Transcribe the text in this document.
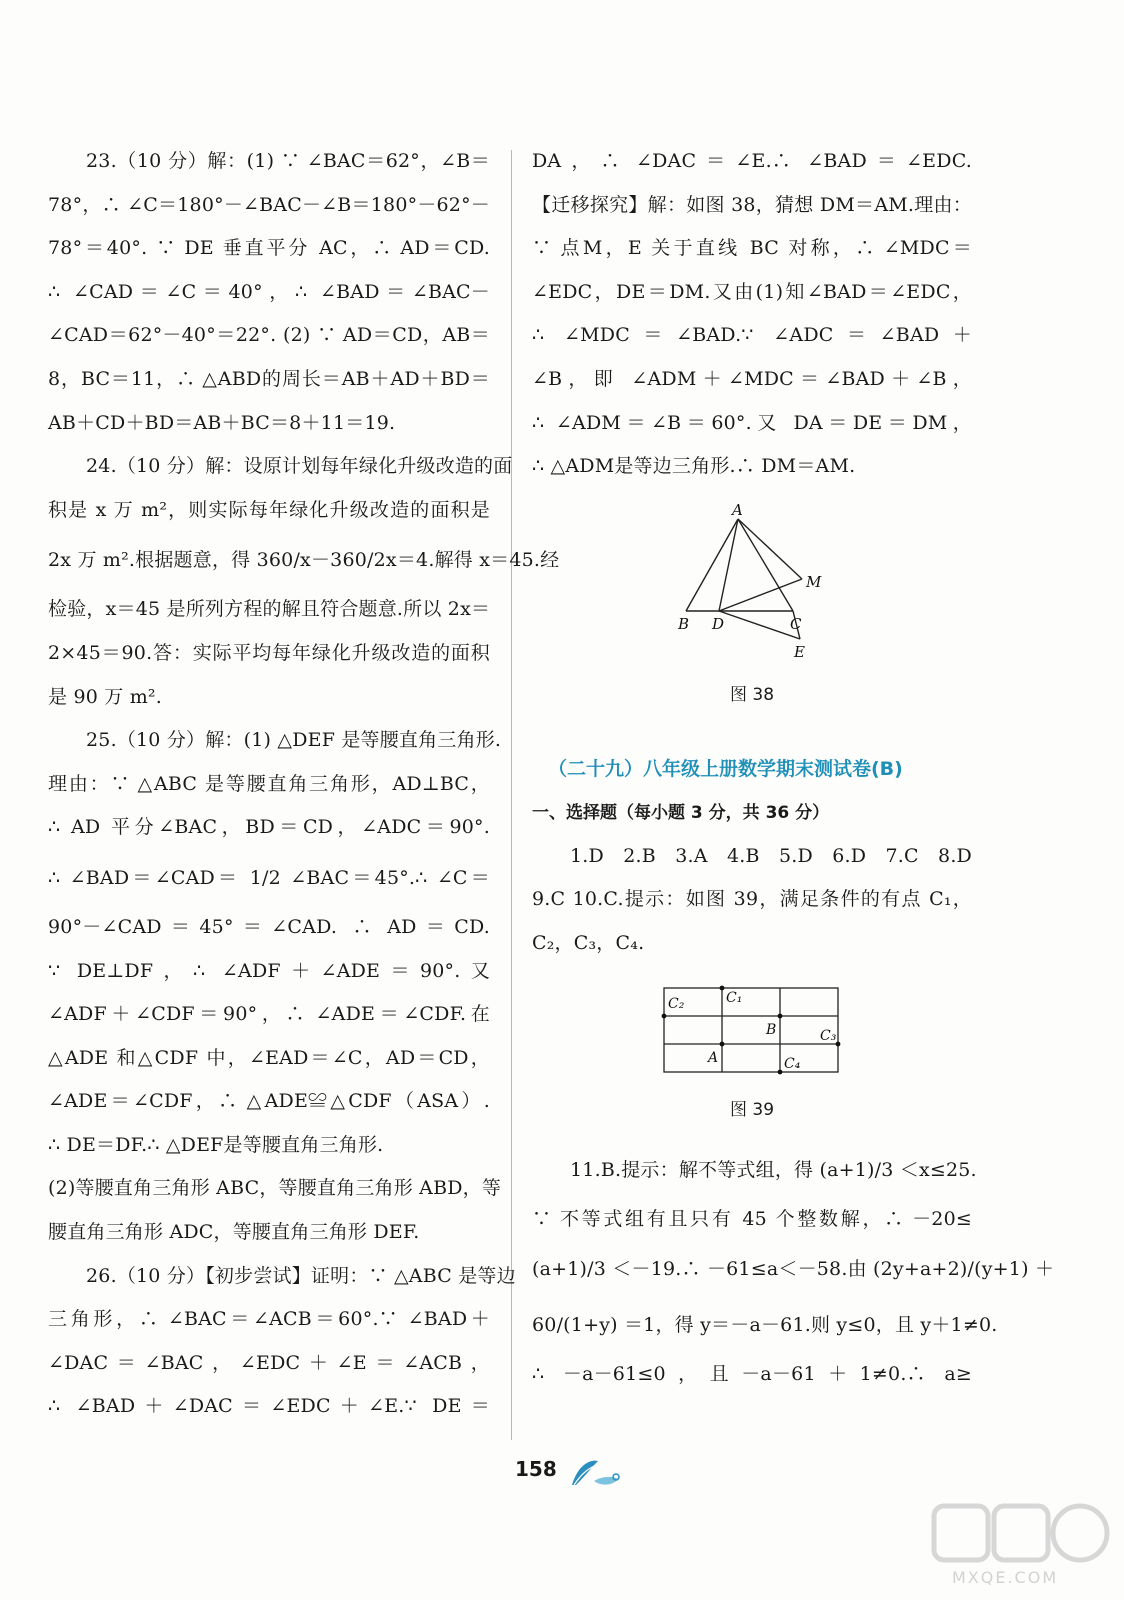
23.（10 分）解：(1) ∵ ∠BAC＝62°，∠B＝
78°，∴ ∠C＝180°－∠BAC－∠B＝180°－62°－
78°＝40°. ∵ DE 垂直平分 AC，∴ AD＝CD.
∴ ∠CAD＝∠C＝40°，∴ ∠BAD＝∠BAC－
∠CAD＝62°－40°＝22°. (2) ∵ AD＝CD，AB＝
8，BC＝11，∴ △ABD的周长＝AB＋AD＋BD＝
AB＋CD＋BD＝AB＋BC＝8＋11＝19.
24.（10 分）解：设原计划每年绿化升级改造的面
积是 x 万 m²，则实际每年绿化升级改造的面积是
2x 万 m².根据题意，得 360/x－360/2x＝4.解得 x＝45.经
检验，x＝45 是所列方程的解且符合题意.所以 2x＝
2×45＝90.答：实际平均每年绿化升级改造的面积
是 90 万 m².
25.（10 分）解：(1) △DEF 是等腰直角三角形.
理由：∵ △ABC 是等腰直角三角形，AD⊥BC，
∴ AD 平分∠BAC，BD＝CD，∠ADC＝90°.
∴ ∠BAD＝∠CAD＝ 1/2 ∠BAC＝45°.∴ ∠C＝
90°－∠CAD＝45°＝∠CAD. ∴ AD＝CD.
∵ DE⊥DF，∴ ∠ADF＋∠ADE＝90°.又
∠ADF＋∠CDF＝90°，∴ ∠ADE＝∠CDF.在
△ADE 和△CDF 中，∠EAD＝∠C，AD＝CD，
∠ADE＝∠CDF，∴ △ADE≌△CDF（ASA）.
∴ DE＝DF.∴ △DEF是等腰直角三角形.
(2)等腰直角三角形 ABC，等腰直角三角形 ABD，等
腰直角三角形 ADC，等腰直角三角形 DEF.
26.（10 分）【初步尝试】证明：∵ △ABC 是等边
三角形，∴ ∠BAC＝∠ACB＝60°.∵ ∠BAD＋
∠DAC＝∠BAC，∠EDC＋∠E＝∠ACB，
∴ ∠BAD＋∠DAC＝∠EDC＋∠E.∵ DE＝
DA，∴ ∠DAC＝∠E.∴ ∠BAD＝∠EDC.
【迁移探究】解：如图 38，猜想 DM＝AM.理由：
∵ 点M，E 关于直线 BC 对称，∴ ∠MDC＝
∠EDC，DE＝DM.又由(1)知∠BAD＝∠EDC，
∴ ∠MDC＝∠BAD.∵ ∠ADC＝∠BAD＋
∠B，即 ∠ADM＋∠MDC＝∠BAD＋∠B，
∴ ∠ADM＝∠B＝60°.又 DA＝DE＝DM，
∴ △ADM是等边三角形.∴ DM＝AM.
A
M
C
B D
E
图 38
（二十九）八年级上册数学期末测试卷(B)
一、选择题（每小题 3 分，共 36 分）
1.D 2.B 3.A 4.B 5.D 6.D 7.C 8.D
9.C 10.C.提示：如图 39，满足条件的有点 C₁，
C₂，C₃，C₄.
C₁
C₂
B	C₃
A	C₄
图 39
11.B.提示：解不等式组，得 (a+1)/3 ＜x≤25.
∵ 不等式组有且只有 45 个整数解，∴ －20≤
(a+1)/3 ＜－19.∴ －61≤a＜－58.由 (2y+a+2)/(y+1) ＋
60/(1+y) ＝1，得 y＝－a－61.则 y≤0，且 y＋1≠0.
∴ －a－61≤0，且－a－61＋1≠0.∴ a≥
158
MXQE.COM
